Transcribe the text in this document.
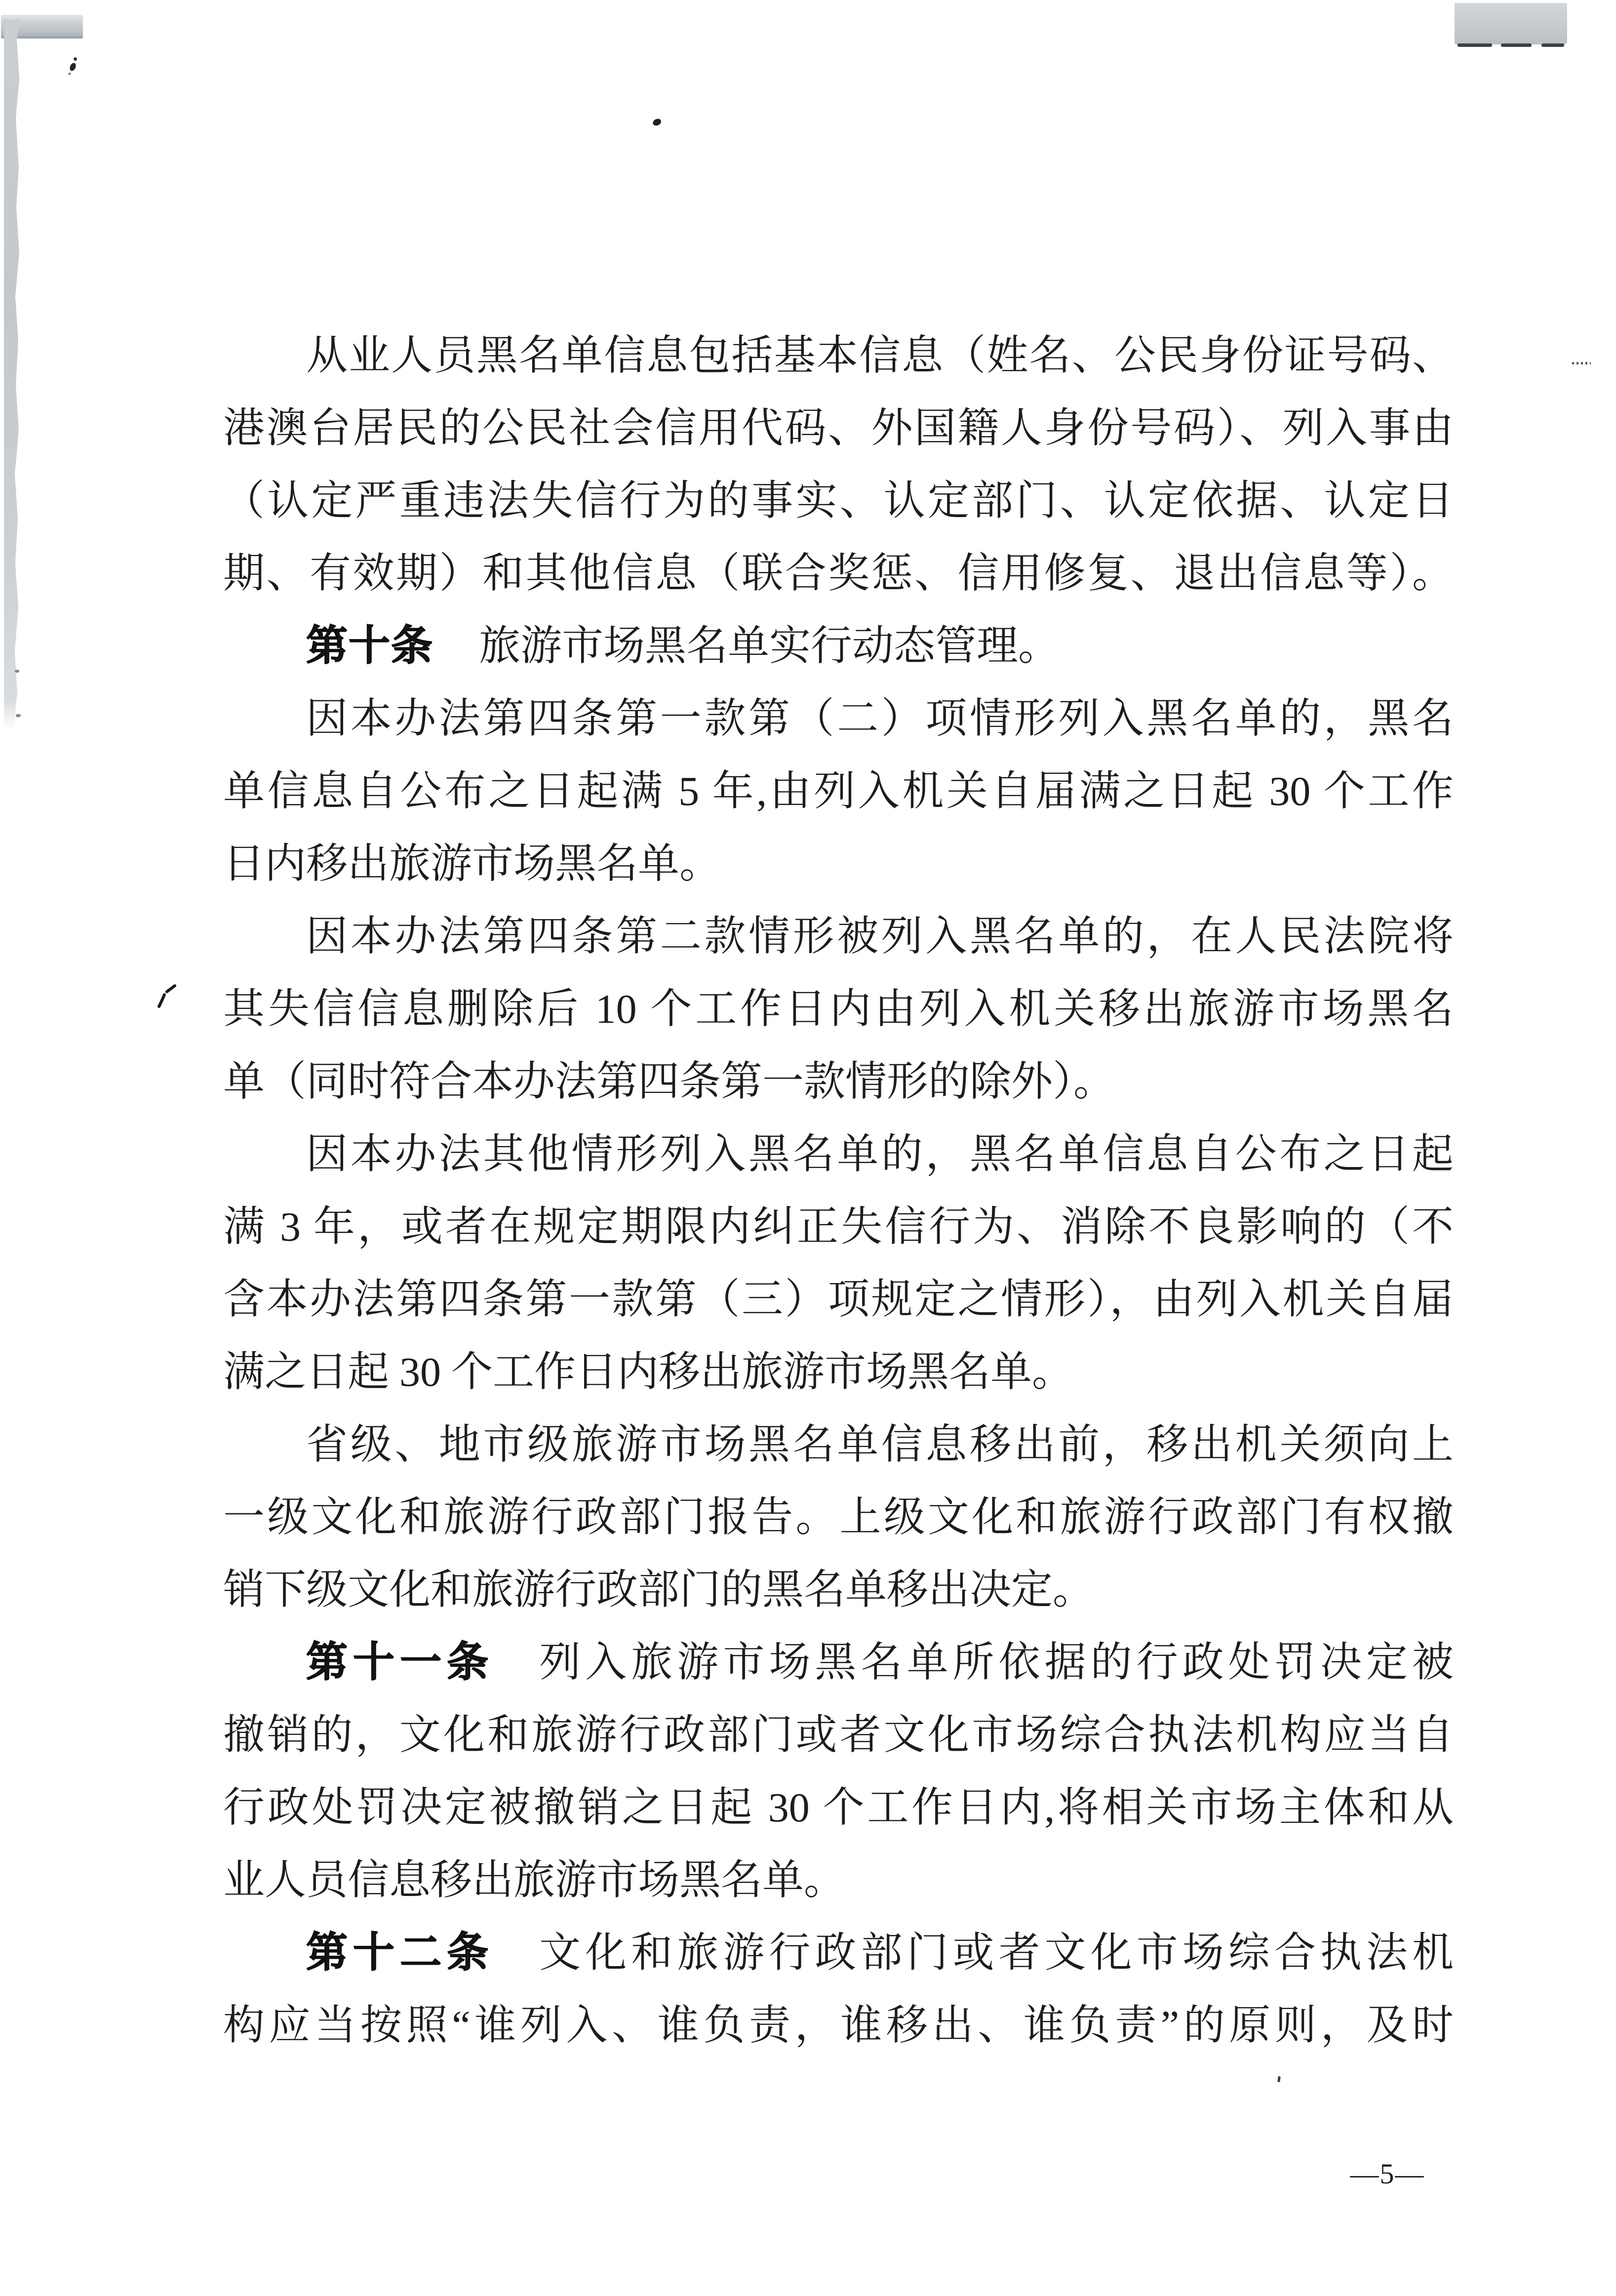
从业人员黑名单信息包括基本信息（姓名、公民身份证号码、
港澳台居民的公民社会信用代码、外国籍人身份号码）、列入事由
（认定严重违法失信行为的事实、认定部门、认定依据、认定日
期、有效期）和其他信息（联合奖惩、信用修复、退出信息等）。
第十条 旅游市场黑名单实行动态管理。
因本办法第四条第一款第（二）项情形列入黑名单的，黑名
单信息自公布之日起满 5 年,由列入机关自届满之日起 30 个工作
日内移出旅游市场黑名单。
因本办法第四条第二款情形被列入黑名单的，在人民法院将
其失信信息删除后 10 个工作日内由列入机关移出旅游市场黑名
单（同时符合本办法第四条第一款情形的除外）。
因本办法其他情形列入黑名单的，黑名单信息自公布之日起
满 3 年，或者在规定期限内纠正失信行为、消除不良影响的（不
含本办法第四条第一款第（三）项规定之情形），由列入机关自届
满之日起 30 个工作日内移出旅游市场黑名单。
省级、地市级旅游市场黑名单信息移出前，移出机关须向上
一级文化和旅游行政部门报告。上级文化和旅游行政部门有权撤
销下级文化和旅游行政部门的黑名单移出决定。
第十一条 列入旅游市场黑名单所依据的行政处罚决定被
撤销的，文化和旅游行政部门或者文化市场综合执法机构应当自
行政处罚决定被撤销之日起 30 个工作日内,将相关市场主体和从
业人员信息移出旅游市场黑名单。
第十二条 文化和旅游行政部门或者文化市场综合执法机
构应当按照“谁列入、谁负责，谁移出、谁负责”的原则，及时
—5—
